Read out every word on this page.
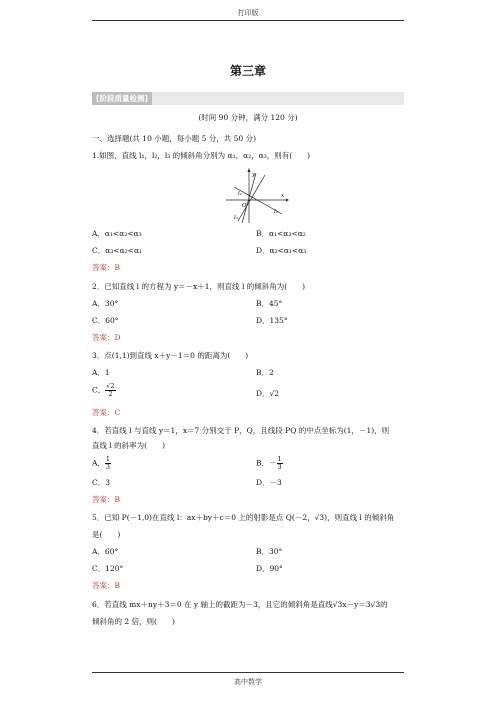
打印版
第三章
[阶段质量检测]
(时间 90 分钟，满分 120 分)
一、选择题(共 10 小题，每小题 5 分，共 50 分)
1.如图，直线 l₁，l₂，l₃ 的倾斜角分别为 α₁，α₂，α₃，则有(　　)
y
x
O
l₁
l₂
l₃
A．α₁<α₂<α₃	B．α₁<α₃<α₂
C．α₃<α₂<α₁	D．α₂<α₁<α₃
答案：B
2．已知直线 l 的方程为 y＝－x＋1，则直线 l 的倾斜角为(　　)
A．30°	B．45°
C．60°	D．135°
答案：D
3．点(1,1)到直线 x＋y－1＝0 的距离为(　　)
A．1	B．2
C． $\frac{√2}{2}$	D．√2
答案：C
4．若直线 l 与直线 y＝1，x＝7 分别交于 P，Q，且线段 PQ 的中点坐标为(1，－1)，则
直线 l 的斜率为(　　)
A． $\frac{1}{3}$	B．－ $\frac{1}{3}$
C．3	D．－3
答案：B
5．已知 P(－1,0)在直线 l：ax＋by＋c＝0 上的射影是点 Q(－2，√3)，则直线 l 的倾斜角
是(　　)
A．60°	B．30°
C．120°	D．90°
答案：B
6．若直线 mx＋ny＋3＝0 在 y 轴上的截距为－3，且它的倾斜角是直线√3x－y＝3√3的
倾斜角的 2 倍，则(　　)
高中数学
